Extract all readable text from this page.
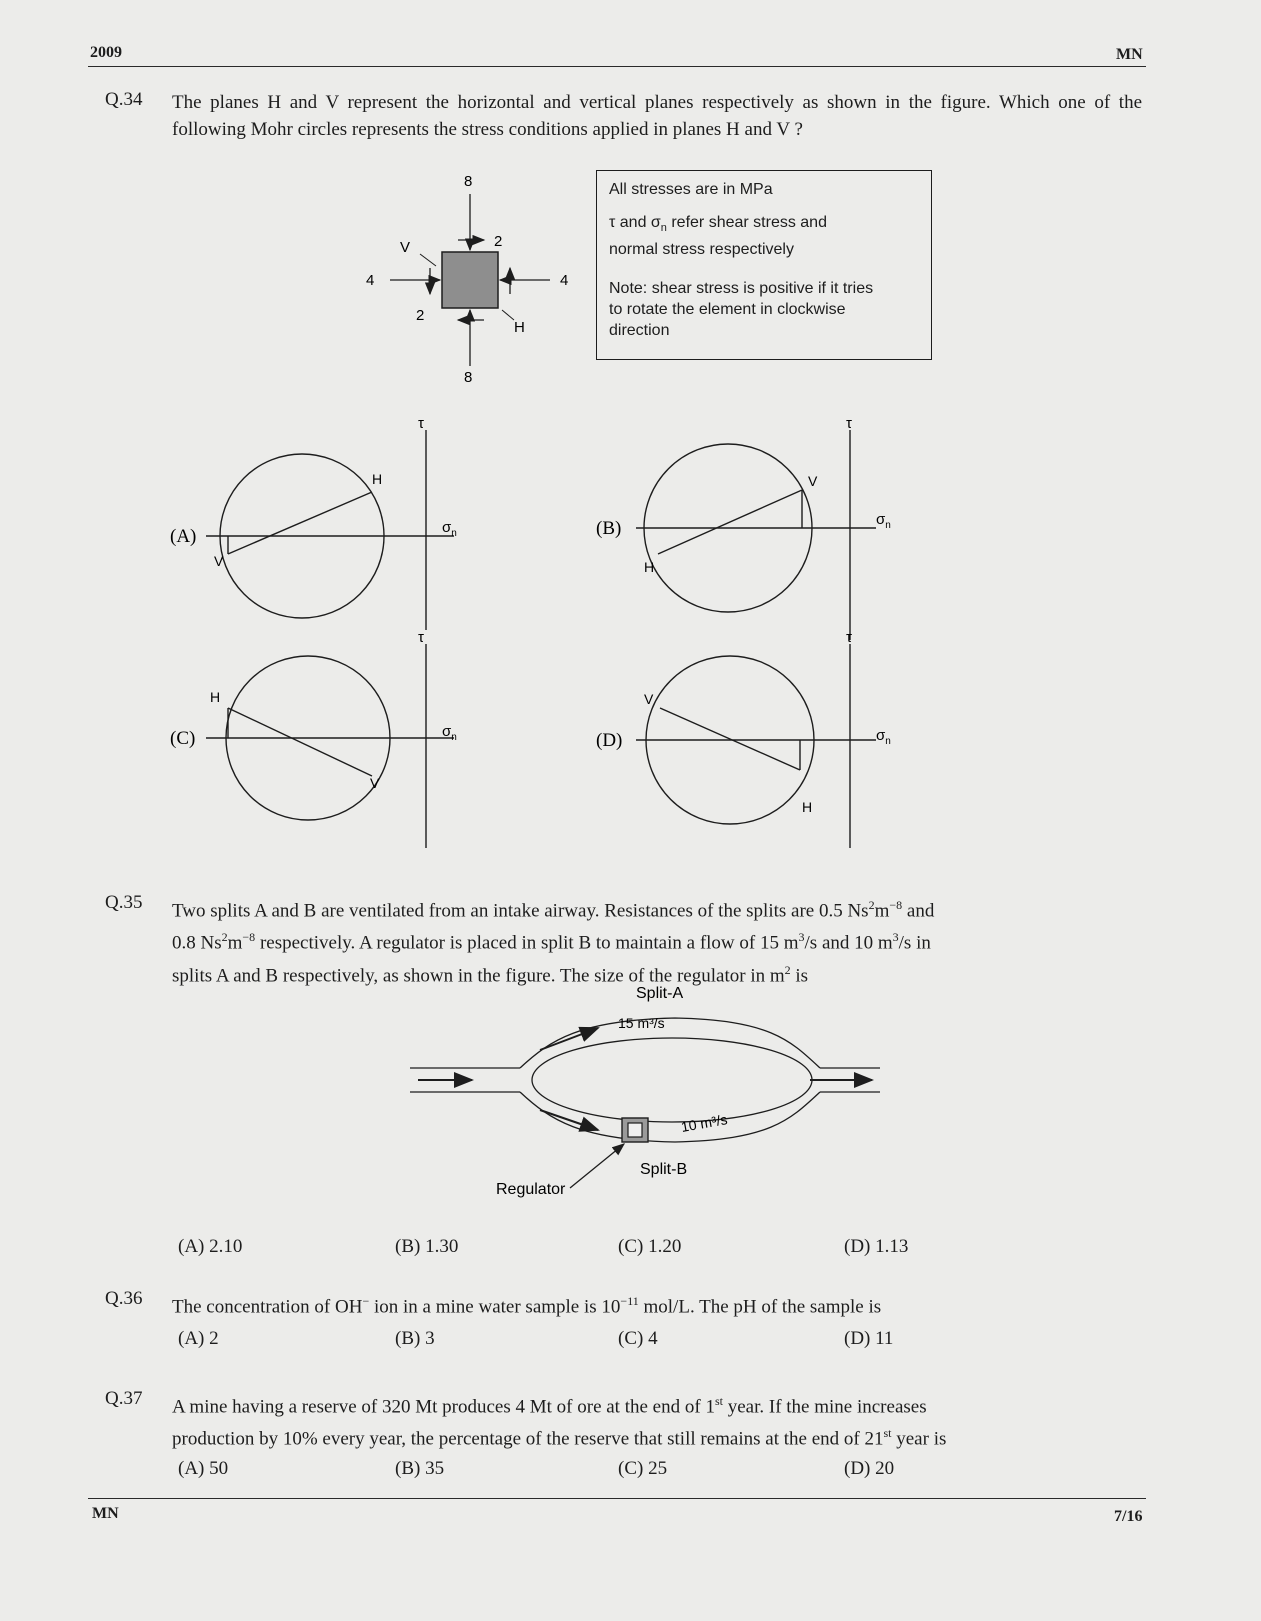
2009	MN
Q.34 The planes H and V represent the horizontal and vertical planes respectively as shown in the figure. Which one of the following Mohr circles represents the stress conditions applied in planes H and V ?
8
8
4	4
2
2
V
H
All stresses are in MPa
τ and $\sigma_n$ refer shear stress and
normal stress respectively
Note: shear stress is positive if it tries
to rotate the element in clockwise
direction
(A)
τ
$\sigma_n$
H
V
(B)
τ
$\sigma_n$
V
H
(C)
τ
$\sigma_n$
H
V
(D)
τ
$\sigma_n$
V
H
Q.35 Two splits A and B are ventilated from an intake airway. Resistances of the splits are 0.5 $Ns^2m^{-8}$ and
0.8 $Ns^2m^{-8}$ respectively. A regulator is placed in split B to maintain a flow of 15 $m^3/s$ and 10 $m^3/s$ in
splits A and B respectively, as shown in the figure. The size of the regulator in $m^2$ is
Split-A
15 m³/s
10 m³/s
Split-B
Regulator
(A) 2.10	(B) 1.30	(C) 1.20	(D) 1.13
Q.36 The concentration of OH− ion in a mine water sample is $10^{-11}$ mol/L. The pH of the sample is
(A) 2	(B) 3	(C) 4	(D) 11
Q.37 A mine having a reserve of 320 Mt produces 4 Mt of ore at the end of 1st year. If the mine increases
production by 10% every year, the percentage of the reserve that still remains at the end of 21st year is
(A) 50	(B) 35	(C) 25	(D) 20
MN	7/16
